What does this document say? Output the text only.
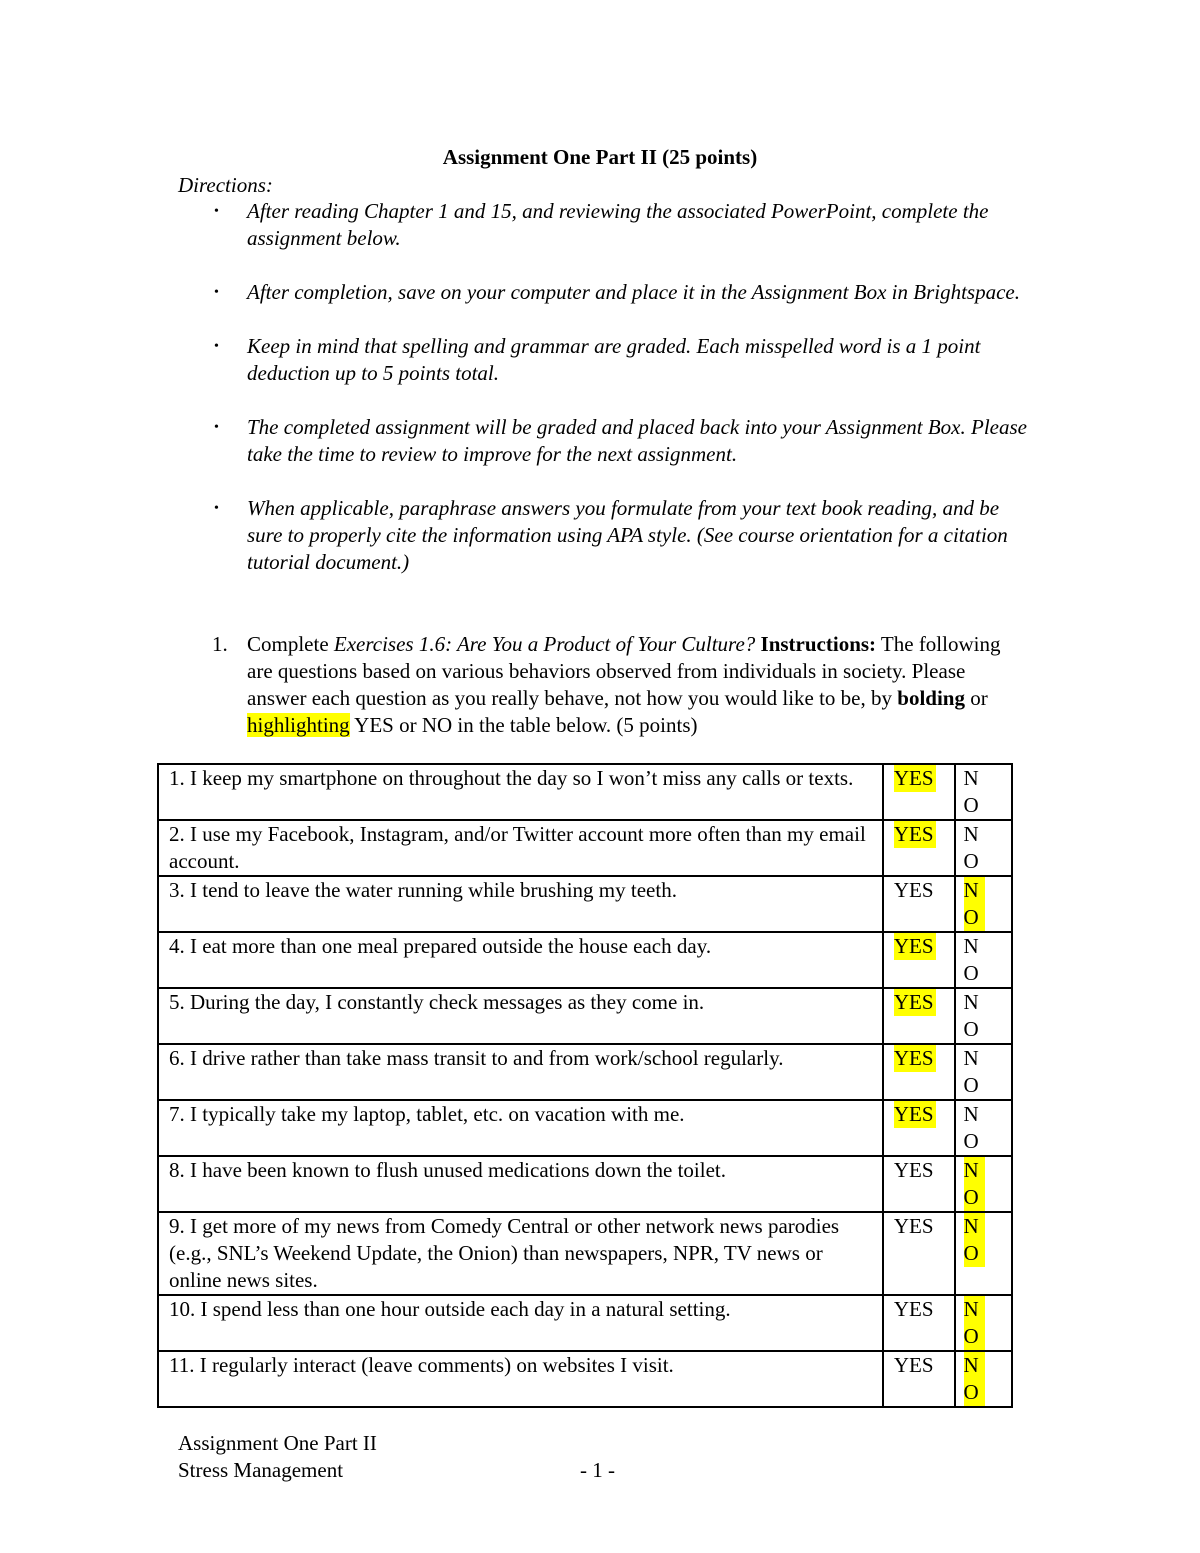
Assignment One Part II (25 points)
Directions:
• After reading Chapter 1 and 15, and reviewing the associated PowerPoint, complete the assignment below.
• After completion, save on your computer and place it in the Assignment Box in Brightspace.
• Keep in mind that spelling and grammar are graded. Each misspelled word is a 1 point deduction up to 5 points total.
• The completed assignment will be graded and placed back into your Assignment Box. Please take the time to review to improve for the next assignment.
• When applicable, paraphrase answers you formulate from your text book reading, and be sure to properly cite the information using APA style. (See course orientation for a citation tutorial document.)
1. Complete Exercises 1.6: Are You a Product of Your Culture? Instructions: The following are questions based on various behaviors observed from individuals in society. Please answer each question as you really behave, not how you would like to be, by bolding or highlighting YES or NO in the table below. (5 points)
1. I keep my smartphone on throughout the day so I won’t miss any calls or texts.	YES	NO
2. I use my Facebook, Instagram, and/or Twitter account more often than my email account.	YES	NO
3. I tend to leave the water running while brushing my teeth.	YES	NO
4. I eat more than one meal prepared outside the house each day.	YES	NO
5. During the day, I constantly check messages as they come in.	YES	NO
6. I drive rather than take mass transit to and from work/school regularly.	YES	NO
7. I typically take my laptop, tablet, etc. on vacation with me.	YES	NO
8. I have been known to flush unused medications down the toilet.	YES	NO
9. I get more of my news from Comedy Central or other network news parodies (e.g., SNL’s Weekend Update, the Onion) than newspapers, NPR, TV news or online news sites.	YES	NO
10. I spend less than one hour outside each day in a natural setting.	YES	NO
11. I regularly interact (leave comments) on websites I visit.	YES	NO
Assignment One Part II
Stress Management	- 1 -
